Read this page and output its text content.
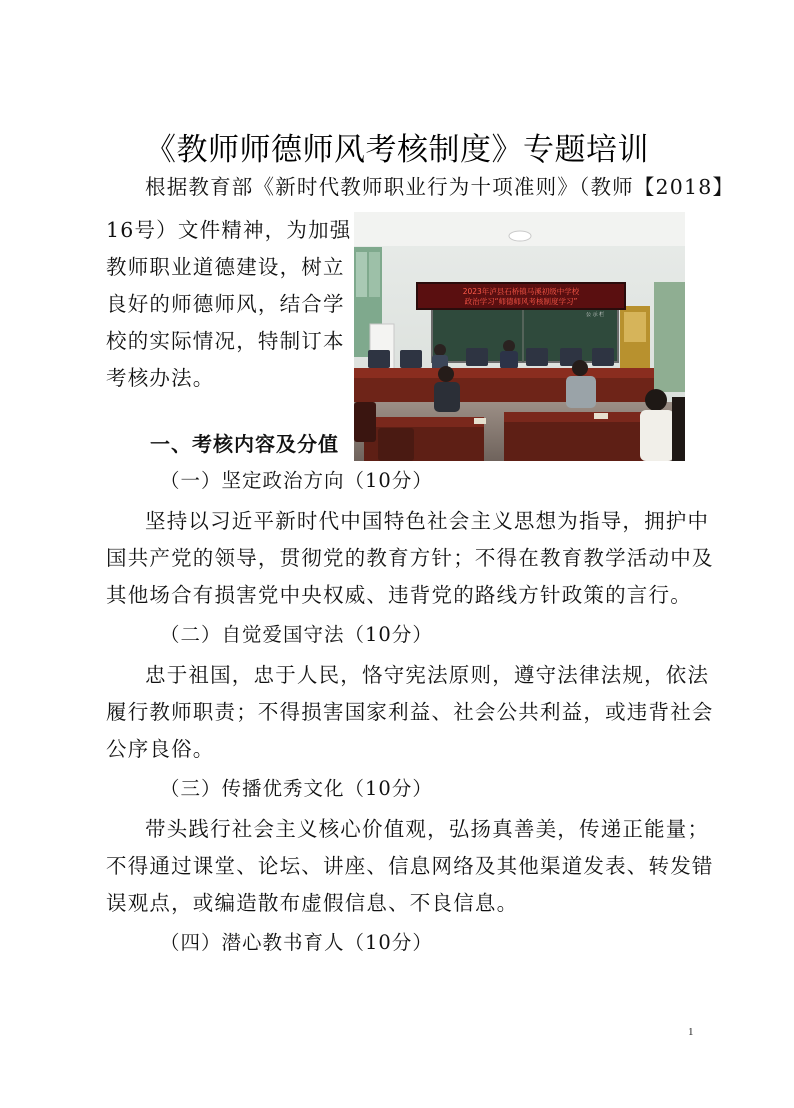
《教师师德师风考核制度》专题培训
根据教育部《新时代教师职业行为十项准则》（教师【2018】
16号）文件精神，为加强
教师职业道德建设，树立
良好的师德师风，结合学
校的实际情况，特制订本
考核办法。
公 示 栏
2023年泸县石桥镇马溪初级中学校
政治学习“师德师风考核制度学习”
一、考核内容及分值
（一）坚定政治方向（10分）
坚持以习近平新时代中国特色社会主义思想为指导，拥护中
国共产党的领导，贯彻党的教育方针；不得在教育教学活动中及
其他场合有损害党中央权威、违背党的路线方针政策的言行。
（二）自觉爱国守法（10分）
忠于祖国，忠于人民，恪守宪法原则，遵守法律法规，依法
履行教师职责；不得损害国家利益、社会公共利益，或违背社会
公序良俗。
（三）传播优秀文化（10分）
带头践行社会主义核心价值观，弘扬真善美，传递正能量；
不得通过课堂、论坛、讲座、信息网络及其他渠道发表、转发错
误观点，或编造散布虚假信息、不良信息。
（四）潜心教书育人（10分）
1
